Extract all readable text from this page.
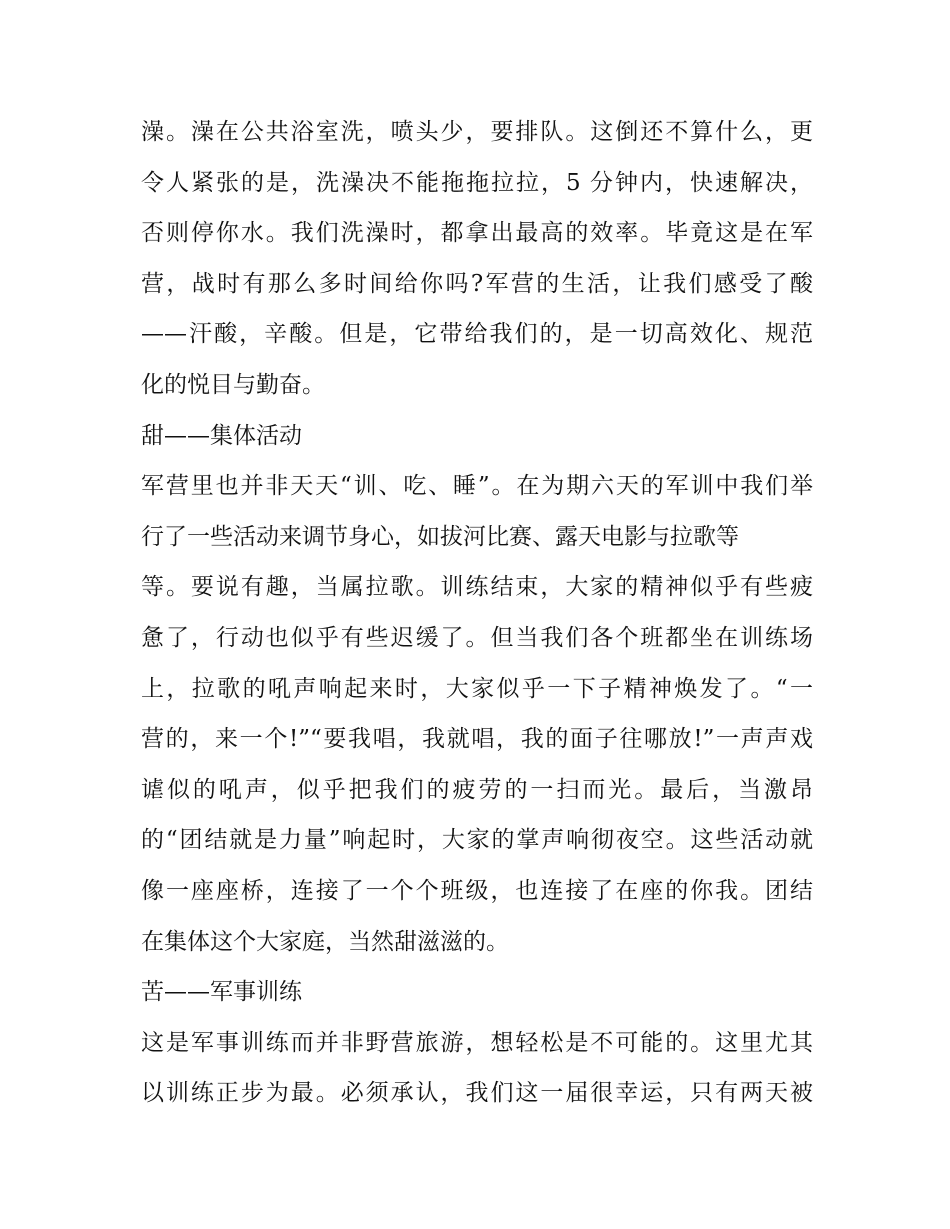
澡。澡在公共浴室洗，喷头少，要排队。这倒还不算什么，更
令人紧张的是，洗澡决不能拖拖拉拉，5 分钟内，快速解决，
否则停你水。我们洗澡时，都拿出最高的效率。毕竟这是在军
营，战时有那么多时间给你吗?军营的生活，让我们感受了酸
——汗酸，辛酸。但是，它带给我们的，是一切高效化、规范
化的悦目与勤奋。
甜——集体活动
军营里也并非天天“训、吃、睡”。在为期六天的军训中我们举
行了一些活动来调节身心，如拔河比赛、露天电影与拉歌等
等。要说有趣，当属拉歌。训练结束，大家的精神似乎有些疲
惫了，行动也似乎有些迟缓了。但当我们各个班都坐在训练场
上，拉歌的吼声响起来时，大家似乎一下子精神焕发了。“一
营的，来一个!”“要我唱，我就唱，我的面子往哪放!”一声声戏
谑似的吼声，似乎把我们的疲劳的一扫而光。最后，当激昂
的“团结就是力量”响起时，大家的掌声响彻夜空。这些活动就
像一座座桥，连接了一个个班级，也连接了在座的你我。团结
在集体这个大家庭，当然甜滋滋的。
苦——军事训练
这是军事训练而并非野营旅游，想轻松是不可能的。这里尤其
以训练正步为最。必须承认，我们这一届很幸运，只有两天被
